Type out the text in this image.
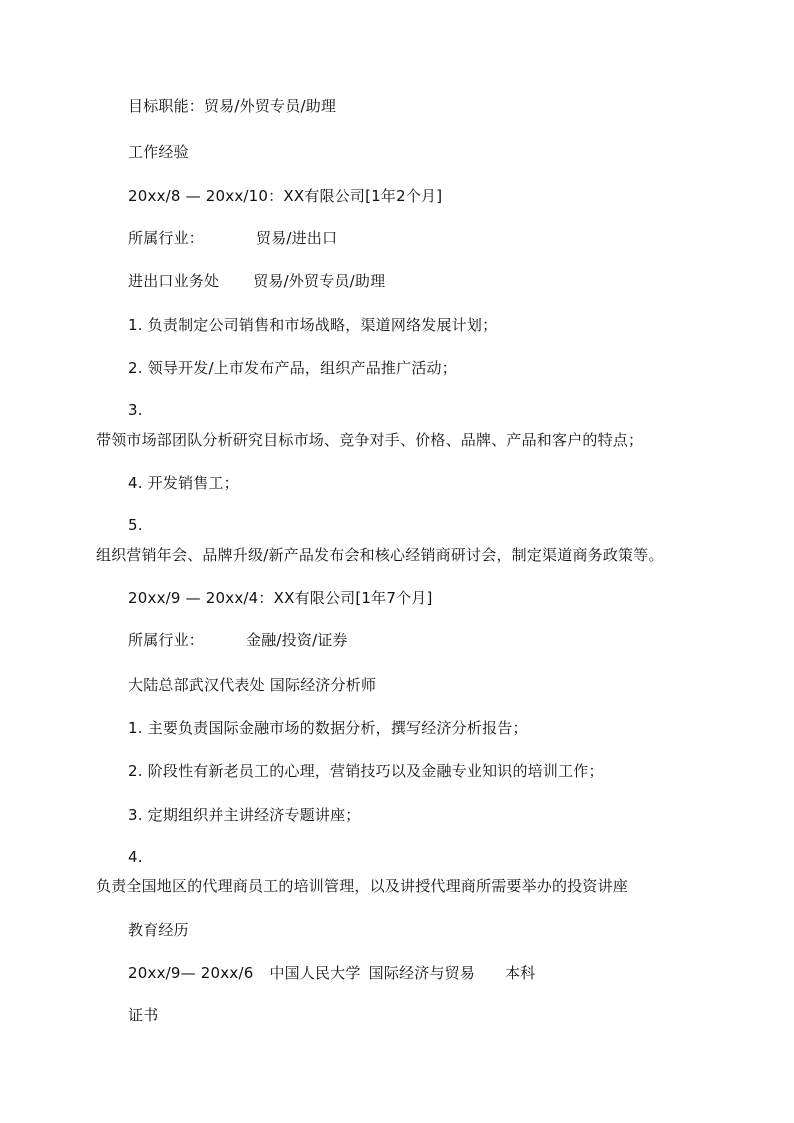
目标职能：贸易/外贸专员/助理
工作经验
20xx/8 — 20xx/10：XX有限公司[1年2个月]
所属行业：	贸易/进出口
进出口业务处 贸易/外贸专员/助理
1. 负责制定公司销售和市场战略，渠道网络发展计划；
2. 领导开发/上市发布产品，组织产品推广活动；
3.
带领市场部团队分析研究目标市场、竞争对手、价格、品牌、产品和客户的特点；
4. 开发销售工；
5.
组织营销年会、品牌升级/新产品发布会和核心经销商研讨会，制定渠道商务政策等。
20xx/9 — 20xx/4：XX有限公司[1年7个月]
所属行业：	金融/投资/证券
大陆总部武汉代表处 国际经济分析师
1. 主要负责国际金融市场的数据分析，撰写经济分析报告；
2. 阶段性有新老员工的心理，营销技巧以及金融专业知识的培训工作；
3. 定期组织并主讲经济专题讲座；
4.
负责全国地区的代理商员工的培训管理，以及讲授代理商所需要举办的投资讲座
教育经历
20xx/9— 20xx/6 中国人民大学 国际经济与贸易 本科
证书
